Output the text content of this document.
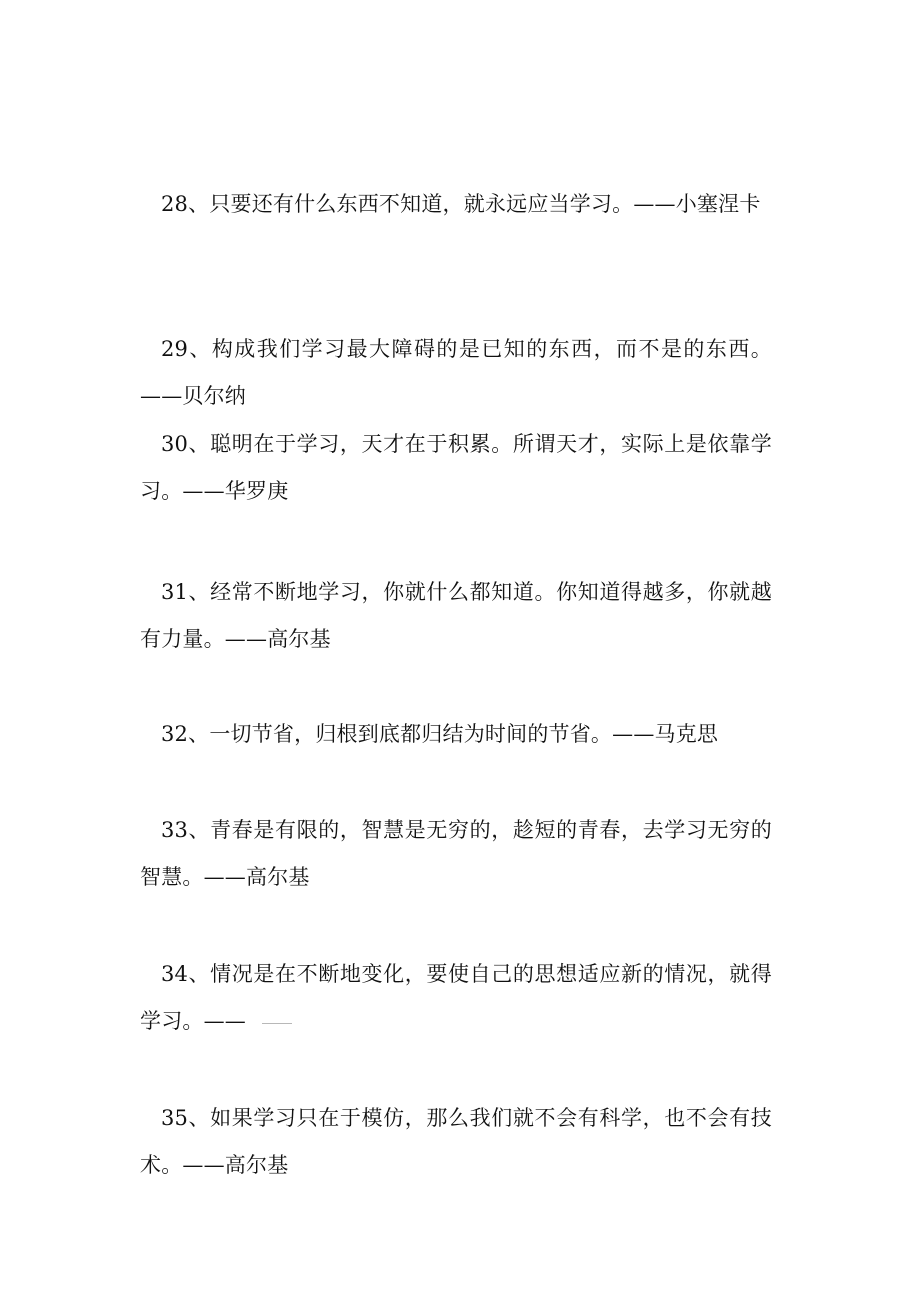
28、只要还有什么东西不知道，就永远应当学习。——小塞涅卡

29、构成我们学习最大障碍的是已知的东西，而不是的东西。——贝尔纳

30、聪明在于学习，天才在于积累。所谓天才，实际上是依靠学习。——华罗庚

31、经常不断地学习，你就什么都知道。你知道得越多，你就越有力量。——高尔基

32、一切节省，归根到底都归结为时间的节省。——马克思

33、青春是有限的，智慧是无穷的，趁短的青春，去学习无穷的智慧。——高尔基

34、情况是在不断地变化，要使自己的思想适应新的情况，就得学习。——

35、如果学习只在于模仿，那么我们就不会有科学，也不会有技术。——高尔基
